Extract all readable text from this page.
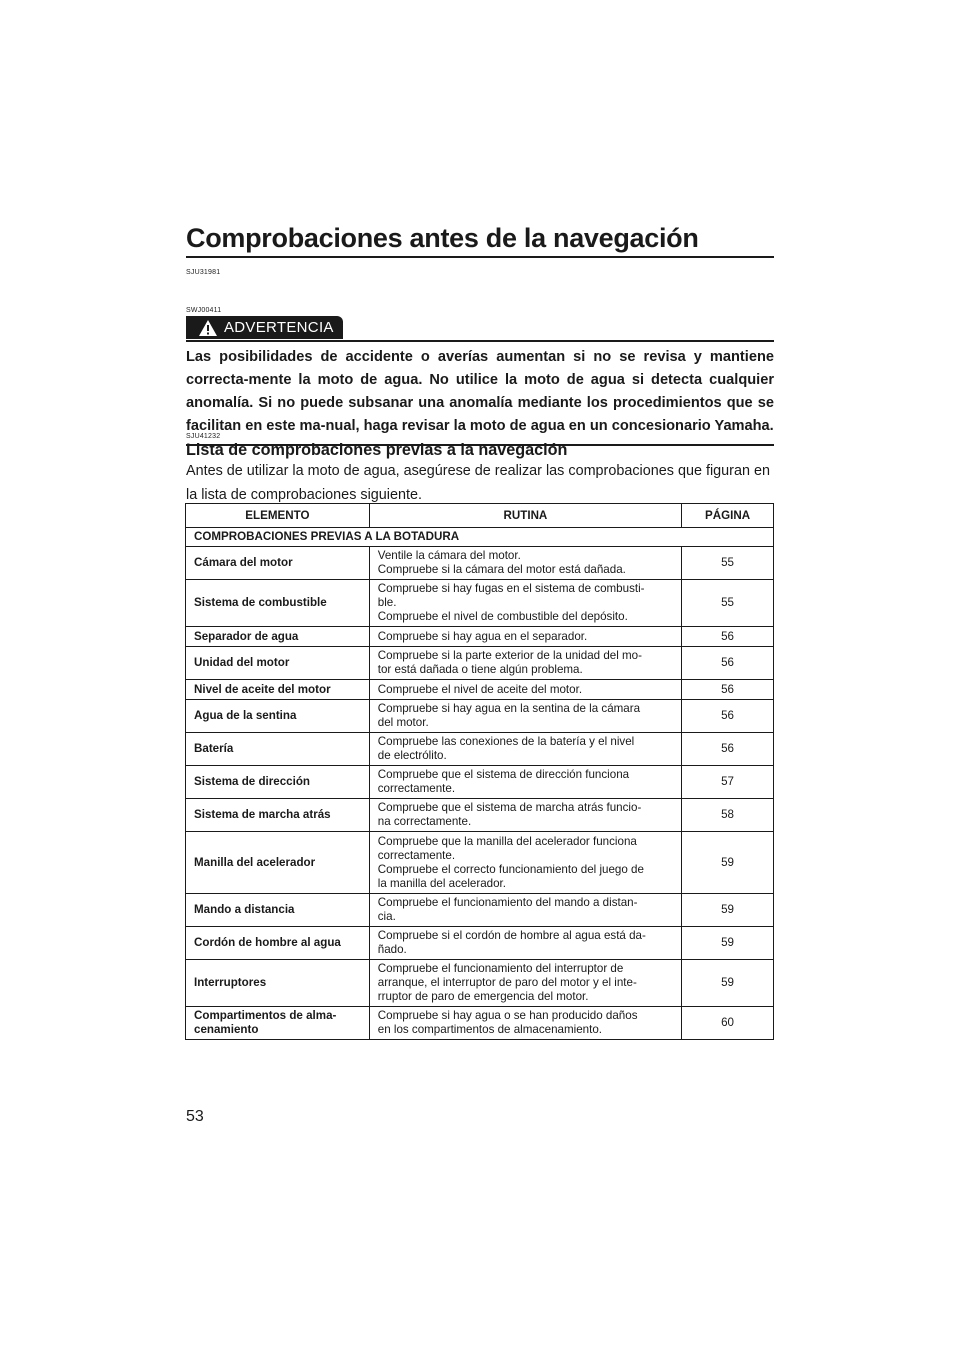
Comprobaciones antes de la navegación
SJU31981
SWJ00411
ADVERTENCIA
Las posibilidades de accidente o averías aumentan si no se revisa y mantiene correcta-mente la moto de agua. No utilice la moto de agua si detecta cualquier anomalía. Si no puede subsanar una anomalía mediante los procedimientos que se facilitan en este ma-nual, haga revisar la moto de agua en un concesionario Yamaha.
SJU41232
Lista de comprobaciones previas a la navegación
Antes de utilizar la moto de agua, asegúrese de realizar las comprobaciones que figuran en la lista de comprobaciones siguiente.
ELEMENTO	RUTINA	PÁGINA
COMPROBACIONES PREVIAS A LA BOTADURA		
Cámara del motor	Ventile la cámara del motor.
Compruebe si la cámara del motor está dañada.	55
Sistema de combustible	Compruebe si hay fugas en el sistema de combusti-
ble.
Compruebe el nivel de combustible del depósito.	55
Separador de agua	Compruebe si hay agua en el separador.	56
Unidad del motor	Compruebe si la parte exterior de la unidad del mo-
tor está dañada o tiene algún problema.	56
Nivel de aceite del motor	Compruebe el nivel de aceite del motor.	56
Agua de la sentina	Compruebe si hay agua en la sentina de la cámara
del motor.	56
Batería	Compruebe las conexiones de la batería y el nivel
de electrólito.	56
Sistema de dirección	Compruebe que el sistema de dirección funciona
correctamente.	57
Sistema de marcha atrás	Compruebe que el sistema de marcha atrás funcio-
na correctamente.	58
Manilla del acelerador	Compruebe que la manilla del acelerador funciona
correctamente.
Compruebe el correcto funcionamiento del juego de
la manilla del acelerador.	59
Mando a distancia	Compruebe el funcionamiento del mando a distan-
cia.	59
Cordón de hombre al agua	Compruebe si el cordón de hombre al agua está da-
ñado.	59
Interruptores	Compruebe el funcionamiento del interruptor de
arranque, el interruptor de paro del motor y el inte-
rruptor de paro de emergencia del motor.	59
Compartimentos de alma-
cenamiento	Compruebe si hay agua o se han producido daños
en los compartimentos de almacenamiento.	60
53
